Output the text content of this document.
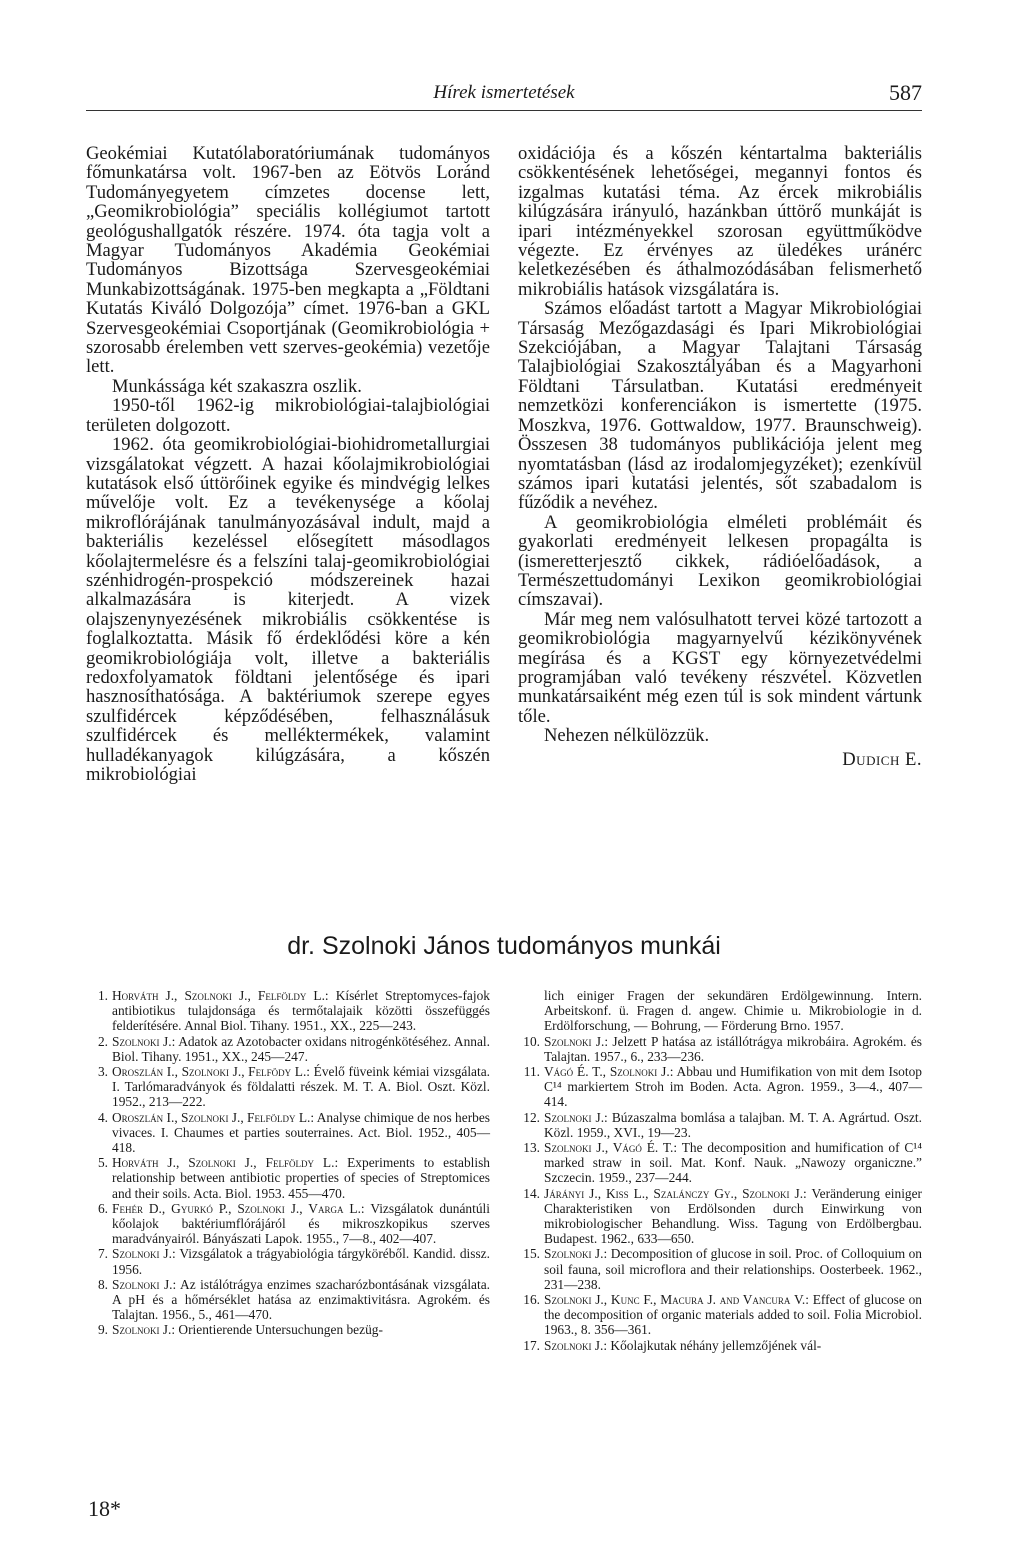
Hírek ismertetések	587

Geokémiai Kutatólaboratóriumának tudományos főmunkatársa volt. 1967-ben az Eötvös Loránd Tudományegyetem címzetes docense lett, „Geomikrobiológia” speciális kollégiumot tartott geológushallgatók részére. 1974. óta tagja volt a Magyar Tudományos Akadémia Geokémiai Tudományos Bizottsága Szervesgeokémiai Munkabizottságának. 1975-ben megkapta a „Földtani Kutatás Kiváló Dolgozója” címet. 1976-ban a GKL Szervesgeokémiai Csoportjának (Geomikrobiológia + szorosabb érelemben vett szerves-geokémia) vezetője lett.

Munkássága két szakaszra oszlik.

1950-től 1962-ig mikrobiológiai-talajbiológiai területen dolgozott.

1962. óta geomikrobiológiai-biohidrometallurgiai vizsgálatokat végzett. A hazai kőolajmikrobiológiai kutatások első úttörőinek egyike és mindvégig lelkes művelője volt. Ez a tevékenysége a kőolaj mikroflórájának tanulmányozásával indult, majd a bakteriális kezeléssel elősegített másodlagos kőolajtermelésre és a felszíni talaj-geomikrobiológiai szénhidrogén-prospekció módszereinek hazai alkalmazására is kiterjedt. A vizek olajszenynyezésének mikrobiális csökkentése is foglalkoztatta. Másik fő érdeklődési köre a kén geomikrobiológiája volt, illetve a bakteriális redoxfolyamatok földtani jelentősége és ipari hasznosíthatósága. A baktériumok szerepe egyes szulfidércek képződésében, felhasználásuk szulfidércek és melléktermékek, valamint hulladékanyagok kilúgzására, a kőszén mikrobiológiai

oxidációja és a kőszén kéntartalma bakteriális csökkentésének lehetőségei, megannyi fontos és izgalmas kutatási téma. Az ércek mikrobiális kilúgzására irányuló, hazánkban úttörő munkáját is ipari intézményekkel szorosan együttműködve végezte. Ez érvényes az üledékes uránérc keletkezésében és áthalmozódásában felismerhető mikrobiális hatások vizsgálatára is.

Számos előadást tartott a Magyar Mikrobiológiai Társaság Mezőgazdasági és Ipari Mikrobiológiai Szekciójában, a Magyar Talajtani Társaság Talajbiológiai Szakosztályában és a Magyarhoni Földtani Társulatban. Kutatási eredményeit nemzetközi konferenciákon is ismertette (1975. Moszkva, 1976. Gottwaldow, 1977. Braunschweig). Összesen 38 tudományos publikációja jelent meg nyomtatásban (lásd az irodalomjegyzéket); ezenkívül számos ipari kutatási jelentés, sőt szabadalom is fűződik a nevéhez.

A geomikrobiológia elméleti problémáit és gyakorlati eredményeit lelkesen propagálta is (ismeretterjesztő cikkek, rádióelőadások, a Természettudományi Lexikon geomikrobiológiai címszavai).

Már meg nem valósulhatott tervei közé tartozott a geomikrobiológia magyarnyelvű kézikönyvének megírása és a KGST egy környezetvédelmi programjában való tevékeny részvétel. Közvetlen munkatársaiként még ezen túl is sok mindent vártunk tőle.

Nehezen nélkülözzük.

Dudich E.
dr. Szolnoki János tudományos munkái
1. Horváth J., Szolnoki J., Felföldy L.: Kísérlet Streptomyces-fajok antibiotikus tulajdonsága és termőtalajaik közötti összefüggés felderítésére. Annal Biol. Tihany. 1951., XX., 225—243.
2. Szolnoki J.: Adatok az Azotobacter oxidans nitrogénkötéséhez. Annal. Biol. Tihany. 1951., XX., 245—247.
3. Oroszlán I., Szolnoki J., Felfödy L.: Évelő füveink kémiai vizsgálata. I. Tarlómaradványok és földalatti részek. M. T. A. Biol. Oszt. Közl. 1952., 213—222.
4. Oroszlán I., Szolnoki J., Felföldy L.: Analyse chimique de nos herbes vivaces. I. Chaumes et parties souterraines. Act. Biol. 1952., 405—418.
5. Horváth J., Szolnoki J., Felföldy L.: Experiments to establish relationship between antibiotic properties of species of Streptomices and their soils. Acta. Biol. 1953. 455—470.
6. Fehér D., Gyurkó P., Szolnoki J., Varga L.: Vizsgálatok dunántúli kőolajok baktériumflórájáról és mikroszkopikus szerves maradványairól. Bányászati Lapok. 1955., 7—8., 402—407.
7. Szolnoki J.: Vizsgálatok a trágyabiológia tárgyköréből. Kandid. dissz. 1956.
8. Szolnoki J.: Az istálótrágya enzimes szacharózbontásának vizsgálata. A pH és a hőmérséklet hatása az enzimaktivitásra. Agrokém. és Talajtan. 1956., 5., 461—470.
9. Szolnoki J.: Orientierende Untersuchungen bezüg-
lich einiger Fragen der sekundären Erdölgewinnung. Intern. Arbeitskonf. ü. Fragen d. angew. Chimie u. Mikrobiologie in d. Erdölforschung, — Bohrung, — Förderung Brno. 1957.
10. Szolnoki J.: Jelzett P hatása az istállótrágya mikrobáira. Agrokém. és Talajtan. 1957., 6., 233—236.
11. Vágó É. T., Szolnoki J.: Abbau und Humifikation von mit dem Isotop C¹⁴ markiertem Stroh im Boden. Acta. Agron. 1959., 3—4., 407—414.
12. Szolnoki J.: Búzaszalma bomlása a talajban. M. T. A. Agrártud. Oszt. Közl. 1959., XVI., 19—23.
13. Szolnoki J., Vágó É. T.: The decomposition and humification of C¹⁴ marked straw in soil. Mat. Konf. Nauk. „Nawozy organiczne.” Szczecin. 1959., 237—244.
14. Járányi J., Kiss L., Szalánczy Gy., Szolnoki J.: Veränderung einiger Charakteristiken von Erdölsonden durch Einwirkung von mikrobiologischer Behandlung. Wiss. Tagung von Erdölbergbau. Budapest. 1962., 633—650.
15. Szolnoki J.: Decomposition of glucose in soil. Proc. of Colloquium on soil fauna, soil microflora and their relationships. Oosterbeek. 1962., 231—238.
16. Szolnoki J., Kunc F., Macura J. and Vancura V.: Effect of glucose on the decomposition of organic materials added to soil. Folia Microbiol. 1963., 8. 356—361.
17. Szolnoki J.: Kőolajkutak néhány jellemzőjének vál-
18*
